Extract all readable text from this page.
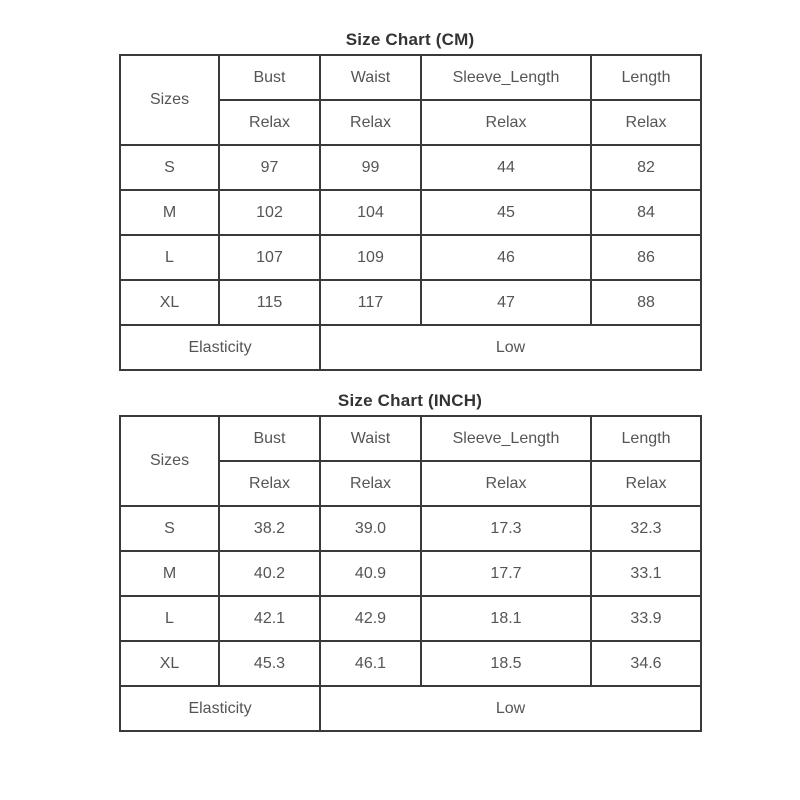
Size Chart (CM)
Sizes	Bust	Waist	Sleeve_Length	Length
	Relax	Relax	Relax	Relax
S	97	99	44	82
M	102	104	45	84
L	107	109	46	86
XL	115	117	47	88
Elasticity		Low		
Size Chart (INCH)
Sizes	Bust	Waist	Sleeve_Length	Length
	Relax	Relax	Relax	Relax
S	38.2	39.0	17.3	32.3
M	40.2	40.9	17.7	33.1
L	42.1	42.9	18.1	33.9
XL	45.3	46.1	18.5	34.6
Elasticity		Low		
